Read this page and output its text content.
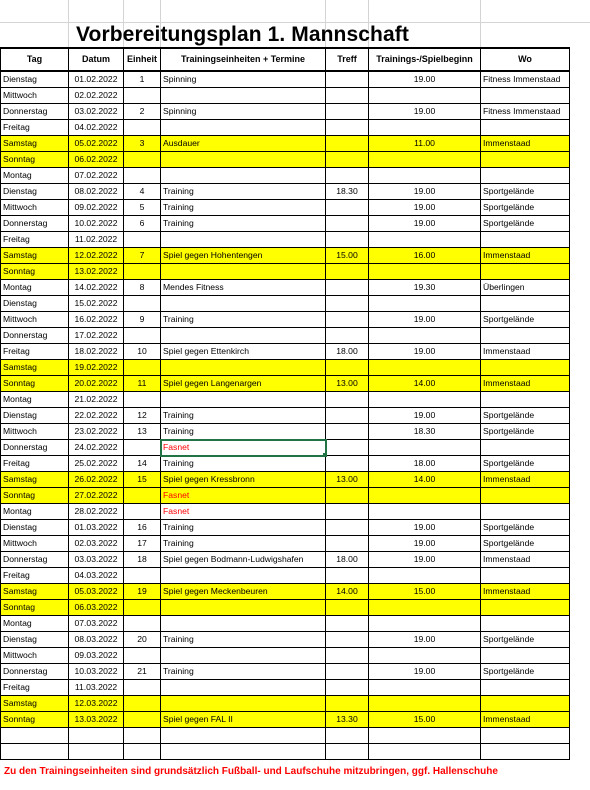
Vorbereitungsplan 1. Mannschaft
Tag	Datum	Einheit	Trainingseinheiten + Termine	Treff	Trainings-/Spielbeginn	Wo
Dienstag	01.02.2022	1	Spinning		19.00	Fitness Immenstaad
Mittwoch	02.02.2022					
Donnerstag	03.02.2022	2	Spinning		19.00	Fitness Immenstaad
Freitag	04.02.2022					
Samstag	05.02.2022	3	Ausdauer		11.00	Immenstaad
Sonntag	06.02.2022					
Montag	07.02.2022					
Dienstag	08.02.2022	4	Training	18.30	19.00	Sportgelände
Mittwoch	09.02.2022	5	Training		19.00	Sportgelände
Donnerstag	10.02.2022	6	Training		19.00	Sportgelände
Freitag	11.02.2022					
Samstag	12.02.2022	7	Spiel gegen Hohentengen	15.00	16.00	Immenstaad
Sonntag	13.02.2022					
Montag	14.02.2022	8	Mendes Fitness		19.30	Überlingen
Dienstag	15.02.2022					
Mittwoch	16.02.2022	9	Training		19.00	Sportgelände
Donnerstag	17.02.2022					
Freitag	18.02.2022	10	Spiel gegen Ettenkirch	18.00	19.00	Immenstaad
Samstag	19.02.2022					
Sonntag	20.02.2022	11	Spiel gegen Langenargen	13.00	14.00	Immenstaad
Montag	21.02.2022					
Dienstag	22.02.2022	12	Training		19.00	Sportgelände
Mittwoch	23.02.2022	13	Training		18.30	Sportgelände
Donnerstag	24.02.2022		Fasnet

Freitag	25.02.2022	14	Training		18.00	Sportgelände
Samstag	26.02.2022	15	Spiel gegen Kressbronn	13.00	14.00	Immenstaad
Sonntag	27.02.2022		Fasnet			
Montag	28.02.2022		Fasnet			
Dienstag	01.03.2022	16	Training		19.00	Sportgelände
Mittwoch	02.03.2022	17	Training		19.00	Sportgelände
Donnerstag	03.03.2022	18	Spiel gegen Bodmann-Ludwigshafen	18.00	19.00	Immenstaad
Freitag	04.03.2022					
Samstag	05.03.2022	19	Spiel gegen Meckenbeuren	14.00	15.00	Immenstaad
Sonntag	06.03.2022					
Montag	07.03.2022					
Dienstag	08.03.2022	20	Training		19.00	Sportgelände
Mittwoch	09.03.2022					
Donnerstag	10.03.2022	21	Training		19.00	Sportgelände
Freitag	11.03.2022					
Samstag	12.03.2022					
Sonntag	13.03.2022		Spiel gegen FAL II	13.30	15.00	Immenstaad

Zu den Trainingseinheiten sind grundsätzlich Fußball- und Laufschuhe mitzubringen, ggf. Hallenschuhe
